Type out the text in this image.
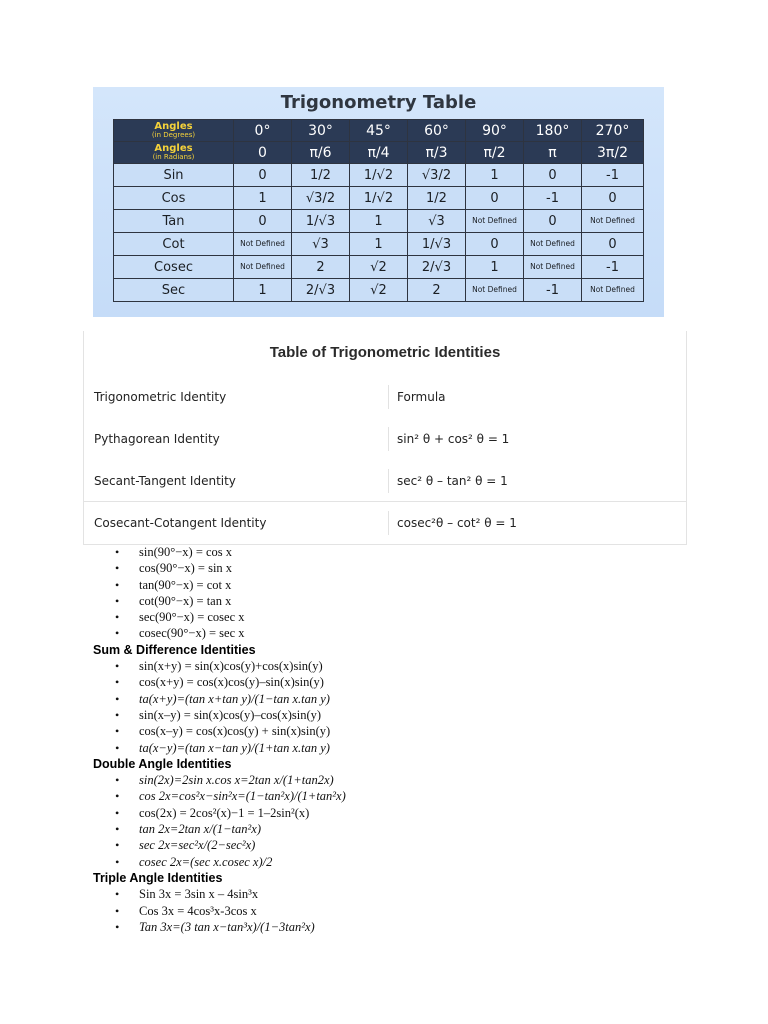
Trigonometry Table
Angles
(in Degrees)	0°	30°	45°	60°	90°	180°	270°
Angles
(in Radians)	0	π/6	π/4	π/3	π/2	π	3π/2
Sin	0	1/2	1/√2	√3/2	1	0	-1
Cos	1	√3/2	1/√2	1/2	0	-1	0
Tan	0	1/√3	1	√3	Not Defined	0	Not Defined
Cot	Not Defined	√3	1	1/√3	0	Not Defined	0
Cosec	Not Defined	2	√2	2/√3	1	Not Defined	-1
Sec	1	2/√3	√2	2	Not Defined	-1	Not Defined
Table of Trigonometric Identities
Trigonometric Identity	Formula
Pythagorean Identity	sin² θ + cos² θ = 1
Secant-Tangent Identity	sec² θ – tan² θ = 1
Cosecant-Cotangent Identity	cosec²θ – cot² θ = 1
• sin(90°−x) = cos x
• cos(90°−x) = sin x
• tan(90°−x) = cot x
• cot(90°−x) = tan x
• sec(90°−x) = cosec x
• cosec(90°−x) = sec x
Sum & Difference Identities
• sin(x+y) = sin(x)cos(y)+cos(x)sin(y)
• cos(x+y) = cos(x)cos(y)–sin(x)sin(y)
• ta(x+y)=(tan x+tan y)/(1−tan x.tan y)
• sin(x–y) = sin(x)cos(y)–cos(x)sin(y)
• cos(x–y) = cos(x)cos(y) + sin(x)sin(y)
• ta(x−y)=(tan x−tan y)/(1+tan x.tan y)
Double Angle Identities
• sin(2x)=2sin x.cos x=2tan x/(1+tan2x)
• cos 2x=cos²x−sin²x=(1−tan²x)/(1+tan²x)
• cos(2x) = 2cos²(x)−1 = 1–2sin²(x)
• tan 2x=2tan x/(1−tan²x)
• sec 2x=sec²x/(2−sec²x)
• cosec 2x=(sec x.cosec x)/2
Triple Angle Identities
• Sin 3x = 3sin x – 4sin³x
• Cos 3x = 4cos³x-3cos x
• Tan 3x=(3 tan x−tan³x)/(1−3tan²x)
